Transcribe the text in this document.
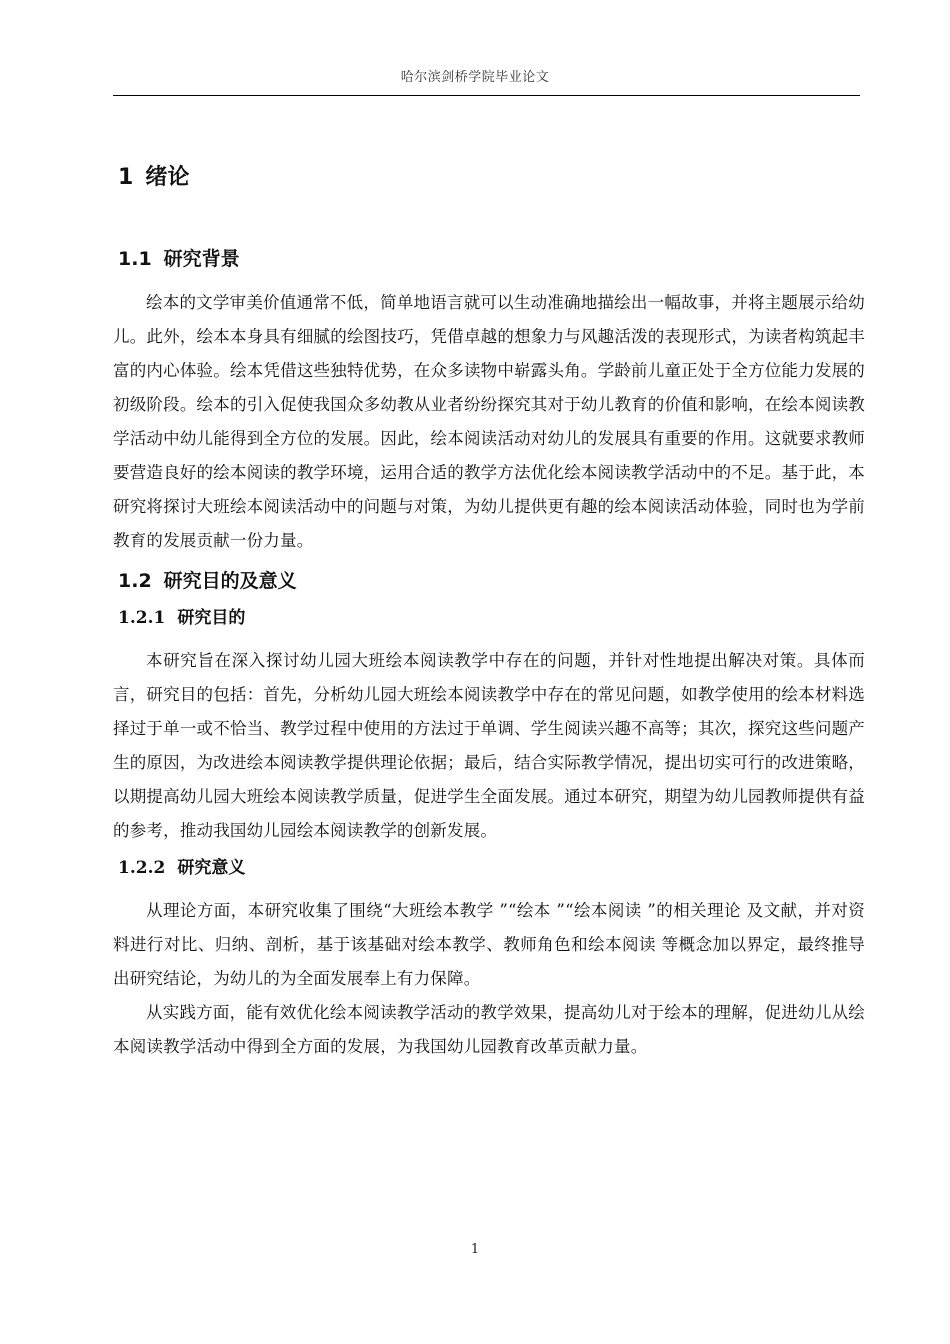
哈尔滨剑桥学院毕业论文
1 绪论
1.1 研究背景

绘本的文学审美价值通常不低，简单地语言就可以生动准确地描绘出一幅故事，并将主题展示给幼儿。此外，绘本本身具有细腻的绘图技巧，凭借卓越的想象力与风趣活泼的表现形式，为读者构筑起丰富的内心体验。绘本凭借这些独特优势，在众多读物中崭露头角。学龄前儿童正处于全方位能力发展的初级阶段。绘本的引入促使我国众多幼教从业者纷纷探究其对于幼儿教育的价值和影响，在绘本阅读教学活动中幼儿能得到全方位的发展。因此，绘本阅读活动对幼儿的发展具有重要的作用。这就要求教师要营造良好的绘本阅读的教学环境，运用合适的教学方法优化绘本阅读教学活动中的不足。基于此，本研究将探讨大班绘本阅读活动中的问题与对策，为幼儿提供更有趣的绘本阅读活动体验，同时也为学前教育的发展贡献一份力量。

1.2 研究目的及意义
1.2.1 研究目的

本研究旨在深入探讨幼儿园大班绘本阅读教学中存在的问题，并针对性地提出解决对策。具体而言，研究目的包括：首先，分析幼儿园大班绘本阅读教学中存在的常见问题，如教学使用的绘本材料选择过于单一或不恰当、教学过程中使用的方法过于单调、学生阅读兴趣不高等；其次，探究这些问题产生的原因，为改进绘本阅读教学提供理论依据；最后，结合实际教学情况，提出切实可行的改进策略，以期提高幼儿园大班绘本阅读教学质量，促进学生全面发展。通过本研究，期望为幼儿园教师提供有益的参考，推动我国幼儿园绘本阅读教学的创新发展。

1.2.2 研究意义

从理论方面，本研究收集了围绕“大班绘本教学 ”“绘本 ”“绘本阅读 ”的相关理论 及文献，并对资料进行对比、归纳、剖析，基于该基础对绘本教学、教师角色和绘本阅读 等概念加以界定，最终推导出研究结论，为幼儿的为全面发展奉上有力保障。

从实践方面，能有效优化绘本阅读教学活动的教学效果，提高幼儿对于绘本的理解，促进幼儿从绘本阅读教学活动中得到全方面的发展，为我国幼儿园教育改革贡献力量。

1
